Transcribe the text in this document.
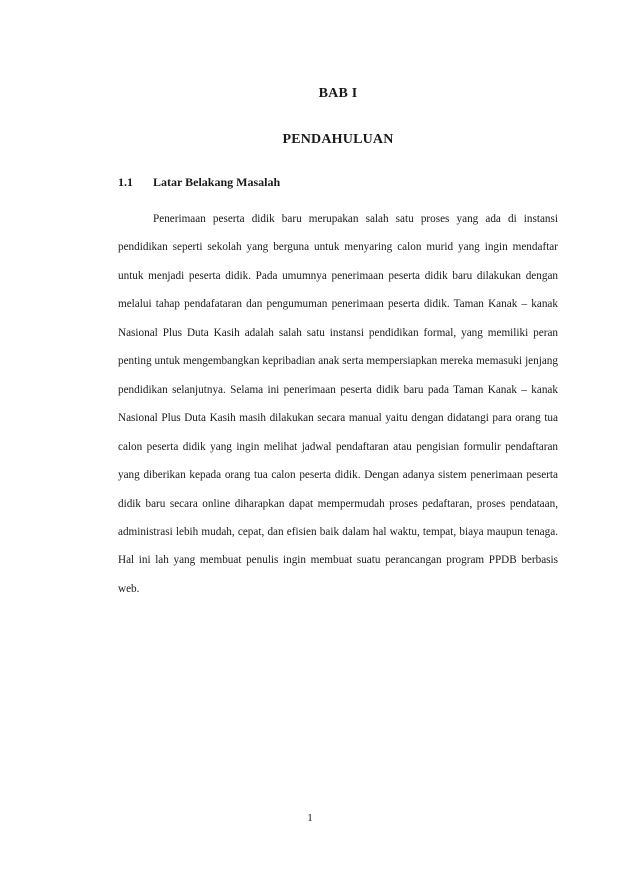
BAB I
PENDAHULUAN
1.1 Latar Belakang Masalah

Penerimaan peserta didik baru merupakan salah satu proses yang ada di instansi pendidikan seperti sekolah yang berguna untuk menyaring calon murid yang ingin mendaftar untuk menjadi peserta didik. Pada umumnya penerimaan peserta didik baru dilakukan dengan melalui tahap pendafataran dan pengumuman penerimaan peserta didik. Taman Kanak – kanak Nasional Plus Duta Kasih adalah salah satu instansi pendidikan formal, yang memiliki peran penting untuk mengembangkan kepribadian anak serta mempersiapkan mereka memasuki jenjang pendidikan selanjutnya. Selama ini penerimaan peserta didik baru pada Taman Kanak – kanak Nasional Plus Duta Kasih masih dilakukan secara manual yaitu dengan didatangi para orang tua calon peserta didik yang ingin melihat jadwal pendaftaran atau pengisian formulir pendaftaran yang diberikan kepada orang tua calon peserta didik. Dengan adanya sistem penerimaan peserta didik baru secara online diharapkan dapat mempermudah proses pedaftaran, proses pendataan, administrasi lebih mudah, cepat, dan efisien baik dalam hal waktu, tempat, biaya maupun tenaga. Hal ini lah yang membuat penulis ingin membuat suatu perancangan program PPDB berbasis web.

1
